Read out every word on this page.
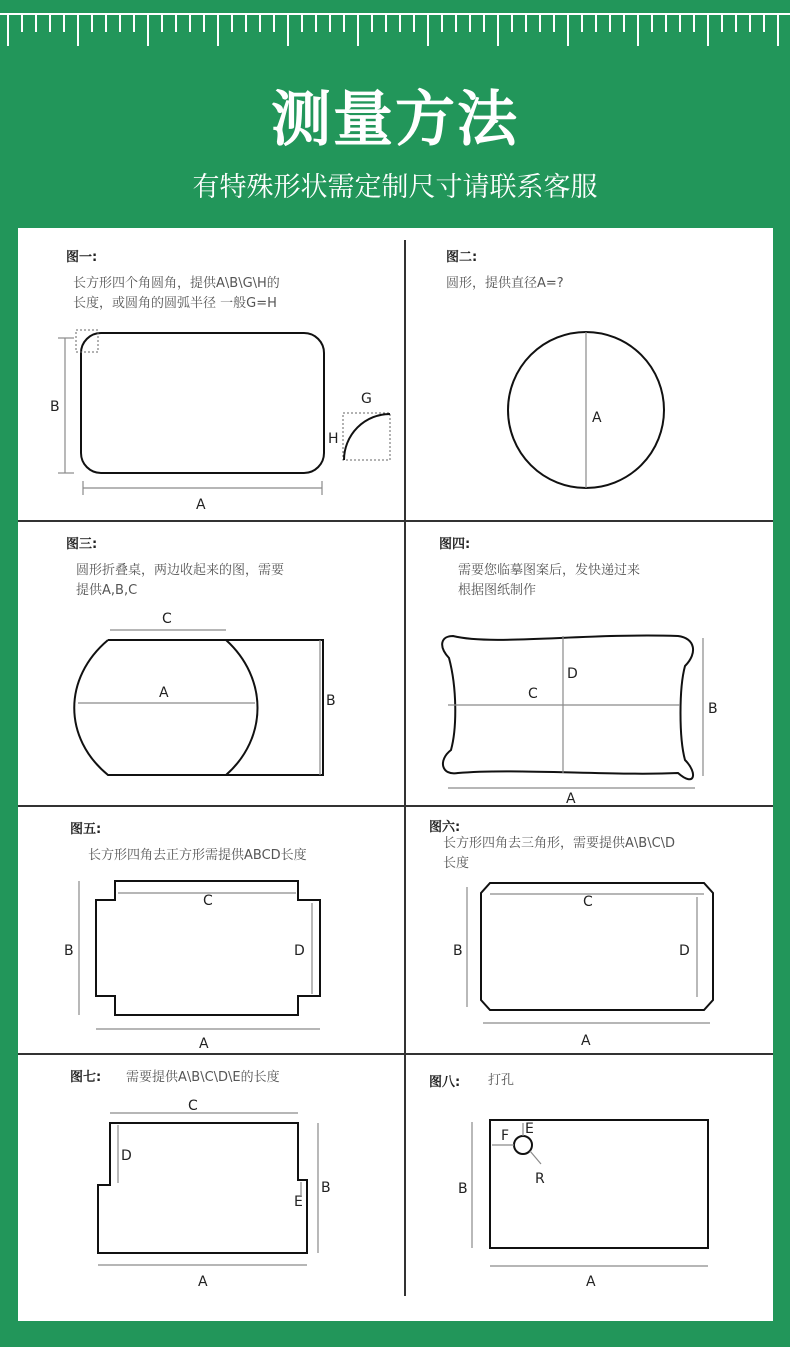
测量方法
有特殊形状需定制尺寸请联系客服
图一:
长方形四个角圆角，提供A\B\G\H的
长度，或圆角的圆弧半径 一般G=H
B
A
G
H
图二:
圆形，提供直径A=?
A
图三:
圆形折叠桌，两边收起来的图，需要
提供A,B,C
C
A	B
图四:
需要您临摹图案后，发快递过来
根据图纸制作
C
D
B
A
图五:
长方形四角去正方形需提供ABCD长度
C
D
B
A
图六:
长方形四角去三角形，需要提供A\B\C\D
长度
C
D
B
A
图七: 需要提供A\B\C\D\E的长度
C
D
E
B
A
图八: 打孔
F E
R
B
A
